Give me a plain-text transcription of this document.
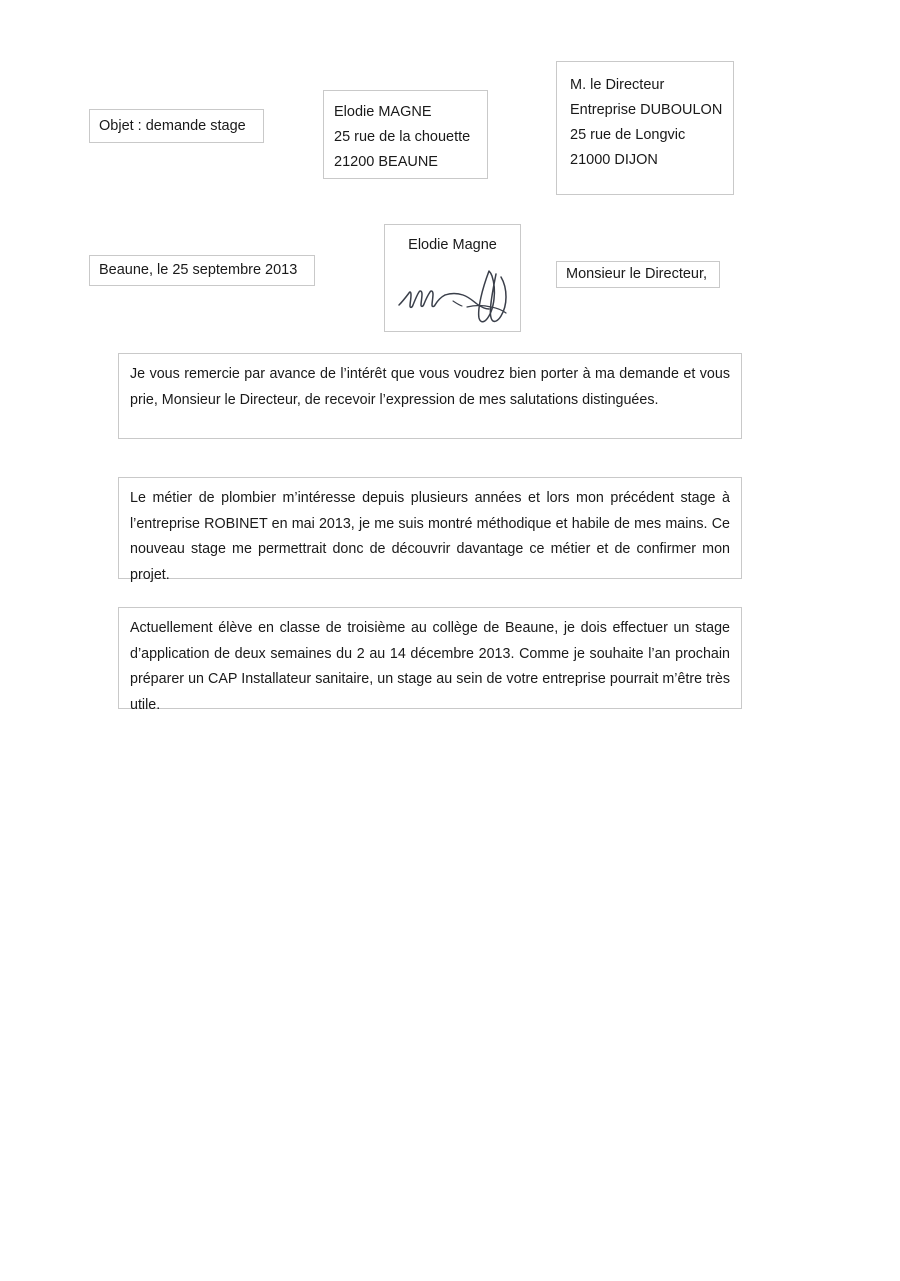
Objet : demande stage
Elodie MAGNE
25 rue de la chouette
21200 BEAUNE
M. le Directeur
Entreprise DUBOULON
25 rue de Longvic
21000 DIJON
Beaune, le 25 septembre 2013
Elodie Magne
Monsieur le Directeur,

Je vous remercie par avance de l’intérêt que vous voudrez bien porter à ma demande et vous prie, Monsieur le Directeur, de recevoir l’expression de mes salutations distinguées.

Le métier de plombier m’intéresse depuis plusieurs années et lors mon précédent stage à l’entreprise ROBINET en mai 2013, je me suis montré méthodique et habile de mes mains. Ce nouveau stage me permettrait donc de découvrir davantage ce métier et de confirmer mon projet.

Actuellement élève en classe de troisième au collège de Beaune, je dois effectuer un stage d’application de deux semaines du 2 au 14 décembre 2013. Comme je souhaite l’an prochain préparer un CAP Installateur sanitaire, un stage au sein de votre entreprise pourrait m’être très utile.
